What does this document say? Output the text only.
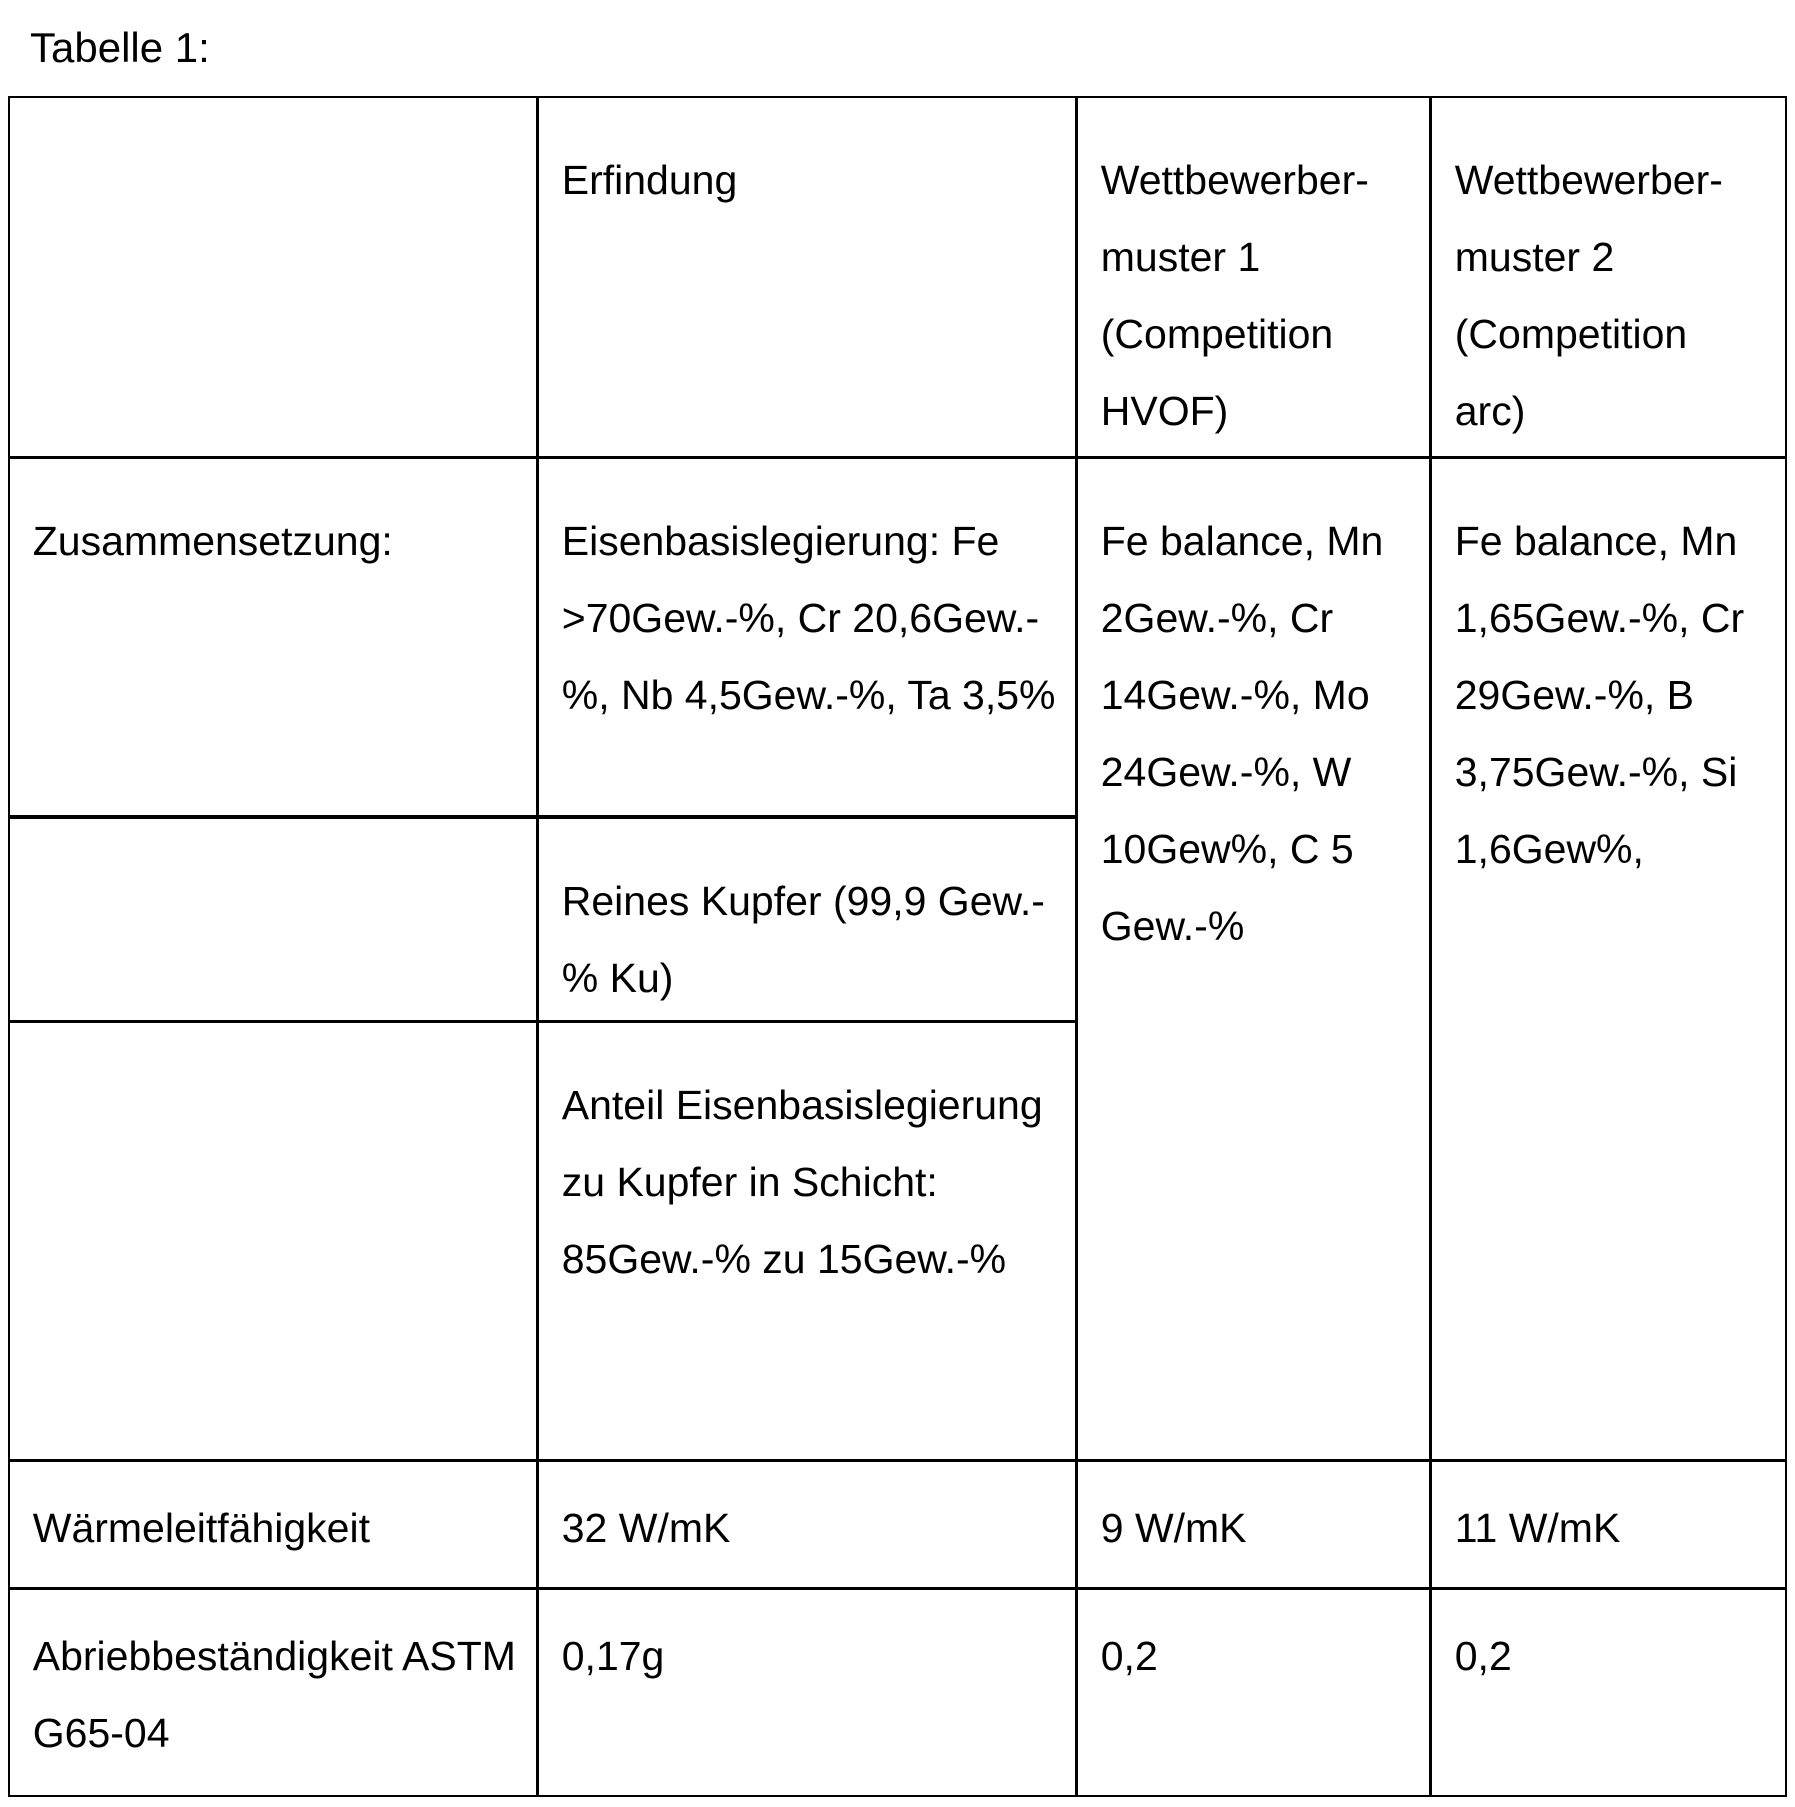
Tabelle 1:
Erfindung	Wettbewerber-
muster 1
(Competition
HVOF)
Wettbewerber-
muster 2
(Competition
arc)
Zusammensetzung:	Eisenbasislegierung: Fe >70Gew.-%, Cr 20,6Gew.-%, Nb 4,5Gew.-%, Ta 3,5%
Reines Kupfer (99,9 Gew.-% Ku)
Anteil Eisenbasislegierung zu Kupfer in Schicht: 85Gew.-% zu 15Gew.-%
Fe balance, Mn 2Gew.-%, Cr 14Gew.-%, Mo 24Gew.-%, W 10Gew%, C 5 Gew.-%
Fe balance, Mn 1,65Gew.-%, Cr 29Gew.-%, B 3,75Gew.-%, Si 1,6Gew%,
Wärmeleitfähigkeit	32 W/mK	9 W/mK	11 W/mK
Abriebbeständigkeit ASTM G65-04
0,17g	0,2	0,2
